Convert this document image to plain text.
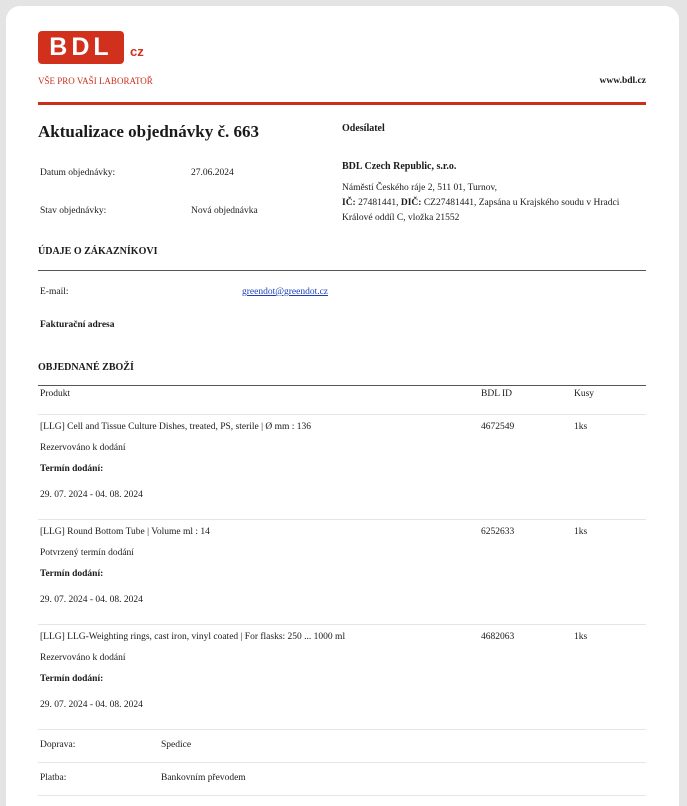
BDL	cz
VŠE PRO VAŠI LABORATOŘ	www.bdl.cz
Aktualizace objednávky č. 663
Datum objednávky:	27.06.2024
Stav objednávky:	Nová objednávka
Odesílatel
BDL Czech Republic, s.r.o.
Náměstí Českého ráje 2, 511 01, Turnov,
IČ: 27481441, DIČ: CZ27481441, Zapsána u Krajského soudu v Hradci Králové oddíl C, vložka 21552
ÚDAJE O ZÁKAZNÍKOVI
E-mail:	greendot@greendot.cz
Fakturační adresa
OBJEDNANÉ ZBOŽÍ
Produkt	BDL ID	Kusy
[LLG] Cell and Tissue Culture Dishes, treated, PS, sterile | Ø mm : 136	4672549	1ks
Rezervováno k dodání
Termín dodání:
29. 07. 2024 - 04. 08. 2024
[LLG] Round Bottom Tube | Volume ml : 14	6252633	1ks
Potvrzený termín dodání
Termín dodání:
29. 07. 2024 - 04. 08. 2024
[LLG] LLG-Weighting rings, cast iron, vinyl coated | For flasks: 250 ... 1000 ml	4682063	1ks
Rezervováno k dodání
Termín dodání:
29. 07. 2024 - 04. 08. 2024
Doprava:	Spedice
Platba:	Bankovním převodem
